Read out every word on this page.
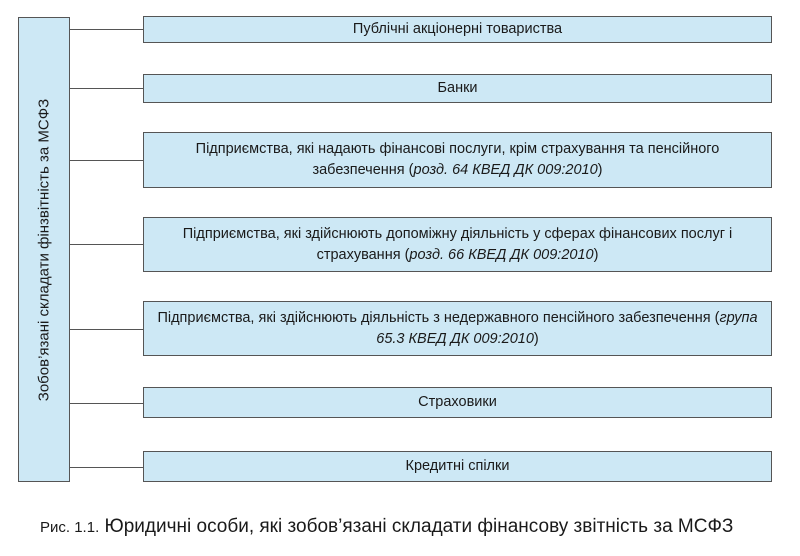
Зобов’язані складати фінзвітність за МСФЗ
Публічні акціонерні товариства
Банки
Підприємства, які надають фінансові послуги, крім страхування та пенсійного забезпечення (розд. 64 КВЕД ДК 009:2010)
Підприємства, які здійснюють допоміжну діяльність у сферах фінансових послуг і страхування (розд. 66 КВЕД ДК 009:2010)
Підприємства, які здійснюють діяльність з недержавного пенсійного забезпечення (група 65.3 КВЕД ДК 009:2010)
Страховики
Кредитні спілки
Рис. 1.1. Юридичні особи, які зобов’язані складати фінансову звітність за МСФЗ
